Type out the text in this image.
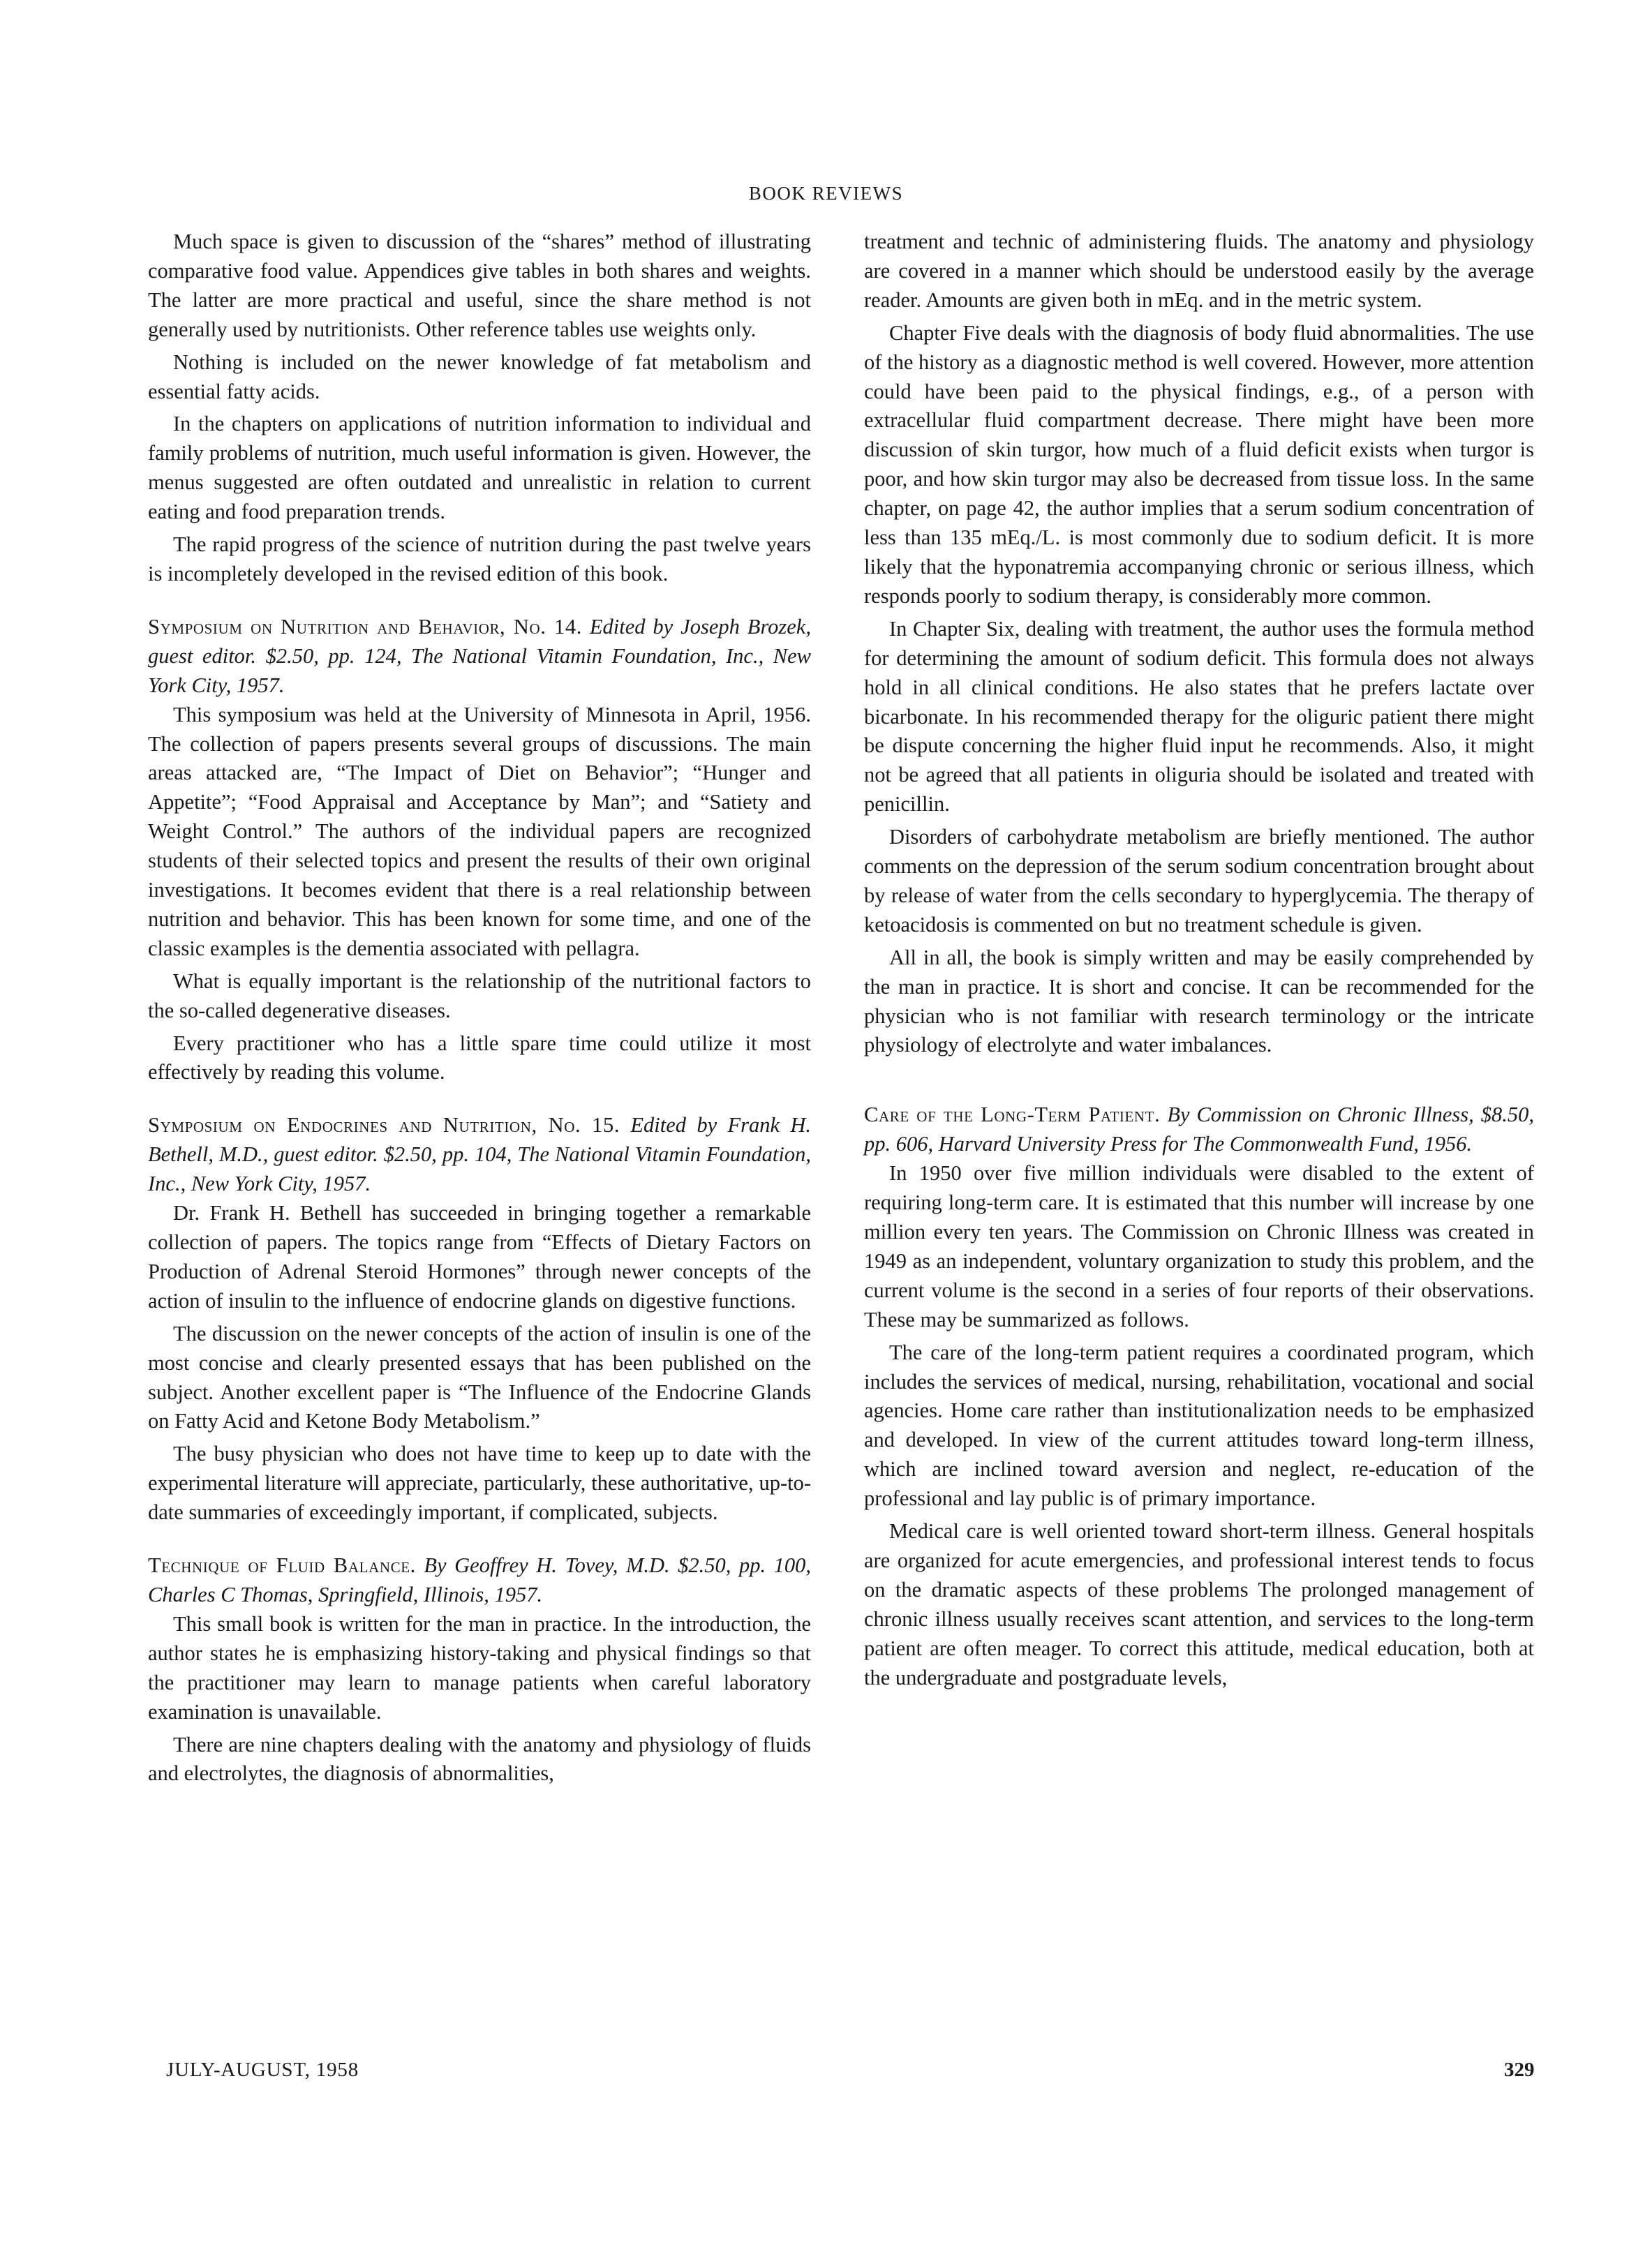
BOOK REVIEWS

Much space is given to discussion of the “shares” method of illustrating comparative food value. Appendices give tables in both shares and weights. The latter are more practical and useful, since the share method is not generally used by nutritionists. Other reference tables use weights only.

Nothing is included on the newer knowledge of fat metabolism and essential fatty acids.

In the chapters on applications of nutrition information to individual and family problems of nutrition, much useful information is given. However, the menus suggested are often outdated and unrealistic in relation to current eating and food preparation trends.

The rapid progress of the science of nutrition during the past twelve years is incompletely developed in the revised edition of this book.

Symposium on Nutrition and Behavior, No. 14. Edited by Joseph Brozek, guest editor. $2.50, pp. 124, The National Vitamin Foundation, Inc., New York City, 1957.

This symposium was held at the University of Minnesota in April, 1956. The collection of papers presents several groups of discussions. The main areas attacked are, “The Impact of Diet on Behavior”; “Hunger and Appetite”; “Food Appraisal and Acceptance by Man”; and “Satiety and Weight Control.” The authors of the individual papers are recognized students of their selected topics and present the results of their own original investigations. It becomes evident that there is a real relationship between nutrition and behavior. This has been known for some time, and one of the classic examples is the dementia associated with pellagra.

What is equally important is the relationship of the nutritional factors to the so-called degenerative diseases.

Every practitioner who has a little spare time could utilize it most effectively by reading this volume.

Symposium on Endocrines and Nutrition, No. 15. Edited by Frank H. Bethell, M.D., guest editor. $2.50, pp. 104, The National Vitamin Foundation, Inc., New York City, 1957.

Dr. Frank H. Bethell has succeeded in bringing together a remarkable collection of papers. The topics range from “Effects of Dietary Factors on Production of Adrenal Steroid Hormones” through newer concepts of the action of insulin to the influence of endocrine glands on digestive functions.

The discussion on the newer concepts of the action of insulin is one of the most concise and clearly presented essays that has been published on the subject. Another excellent paper is “The Influence of the Endocrine Glands on Fatty Acid and Ketone Body Metabolism.”

The busy physician who does not have time to keep up to date with the experimental literature will appreciate, particularly, these authoritative, up-to-date summaries of exceedingly important, if complicated, subjects.

Technique of Fluid Balance. By Geoffrey H. Tovey, M.D. $2.50, pp. 100, Charles C Thomas, Springfield, Illinois, 1957.

This small book is written for the man in practice. In the introduction, the author states he is emphasizing history-taking and physical findings so that the practitioner may learn to manage patients when careful laboratory examination is unavailable.

There are nine chapters dealing with the anatomy and physiology of fluids and electrolytes, the diagnosis of abnormalities,

treatment and technic of administering fluids. The anatomy and physiology are covered in a manner which should be understood easily by the average reader. Amounts are given both in mEq. and in the metric system.

Chapter Five deals with the diagnosis of body fluid abnormalities. The use of the history as a diagnostic method is well covered. However, more attention could have been paid to the physical findings, e.g., of a person with extracellular fluid compartment decrease. There might have been more discussion of skin turgor, how much of a fluid deficit exists when turgor is poor, and how skin turgor may also be decreased from tissue loss. In the same chapter, on page 42, the author implies that a serum sodium concentration of less than 135 mEq./L. is most commonly due to sodium deficit. It is more likely that the hyponatremia accompanying chronic or serious illness, which responds poorly to sodium therapy, is considerably more common.

In Chapter Six, dealing with treatment, the author uses the formula method for determining the amount of sodium deficit. This formula does not always hold in all clinical conditions. He also states that he prefers lactate over bicarbonate. In his recommended therapy for the oliguric patient there might be dispute concerning the higher fluid input he recommends. Also, it might not be agreed that all patients in oliguria should be isolated and treated with penicillin.

Disorders of carbohydrate metabolism are briefly mentioned. The author comments on the depression of the serum sodium concentration brought about by release of water from the cells secondary to hyperglycemia. The therapy of ketoacidosis is commented on but no treatment schedule is given.

All in all, the book is simply written and may be easily comprehended by the man in practice. It is short and concise. It can be recommended for the physician who is not familiar with research terminology or the intricate physiology of electrolyte and water imbalances.

Care of the Long-Term Patient. By Commission on Chronic Illness, $8.50, pp. 606, Harvard University Press for The Commonwealth Fund, 1956.

In 1950 over five million individuals were disabled to the extent of requiring long-term care. It is estimated that this number will increase by one million every ten years. The Commission on Chronic Illness was created in 1949 as an independent, voluntary organization to study this problem, and the current volume is the second in a series of four reports of their observations. These may be summarized as follows.

The care of the long-term patient requires a coordinated program, which includes the services of medical, nursing, rehabilitation, vocational and social agencies. Home care rather than institutionalization needs to be emphasized and developed. In view of the current attitudes toward long-term illness, which are inclined toward aversion and neglect, re-education of the professional and lay public is of primary importance.

Medical care is well oriented toward short-term illness. General hospitals are organized for acute emergencies, and professional interest tends to focus on the dramatic aspects of these problems The prolonged management of chronic illness usually receives scant attention, and services to the long-term patient are often meager. To correct this attitude, medical education, both at the undergraduate and postgraduate levels,

JULY-AUGUST, 1958	329
